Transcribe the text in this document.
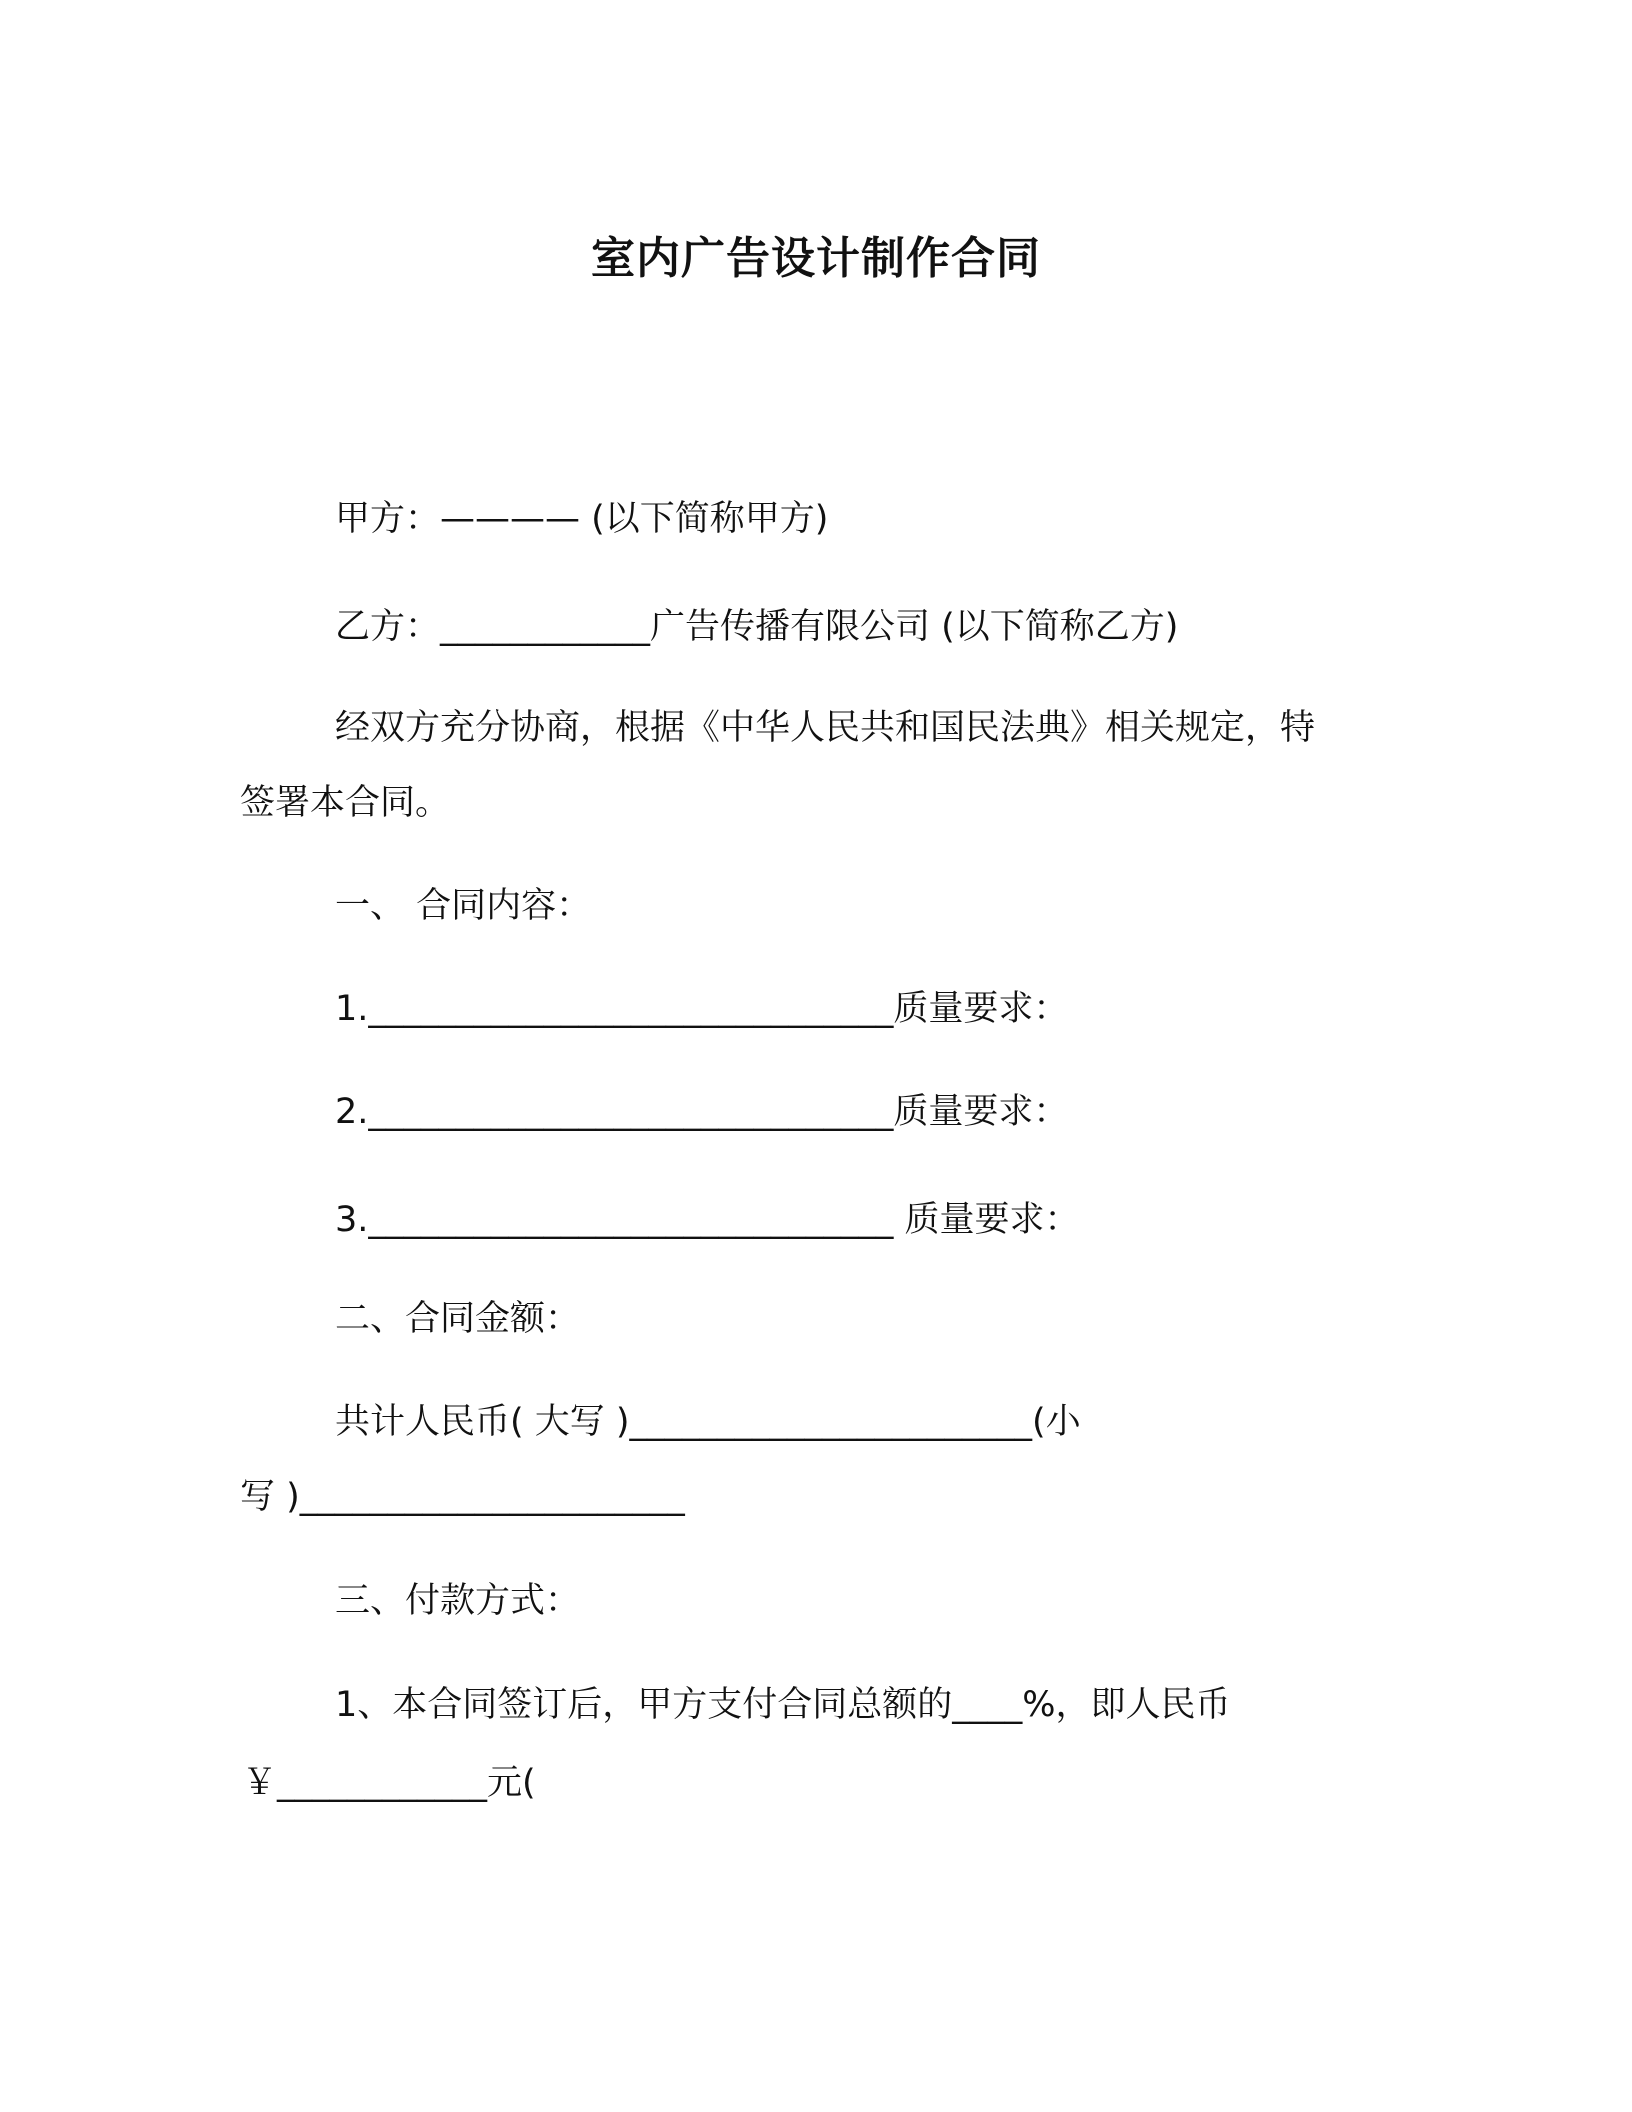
室内广告设计制作合同
甲方：———— (以下简称甲方)
乙方：____________广告传播有限公司 (以下简称乙方)
经双方充分协商，根据《中华人民共和国民法典》相关规定，特
签署本合同。
一、 合同内容：
1.______________________________质量要求：
2.______________________________质量要求：
3.______________________________ 质量要求：
二、合同金额：
共计人民币( 大写 )_______________________(小
写 )______________________
三、付款方式：
1、本合同签订后，甲方支付合同总额的____%，即人民币
￥____________元(
